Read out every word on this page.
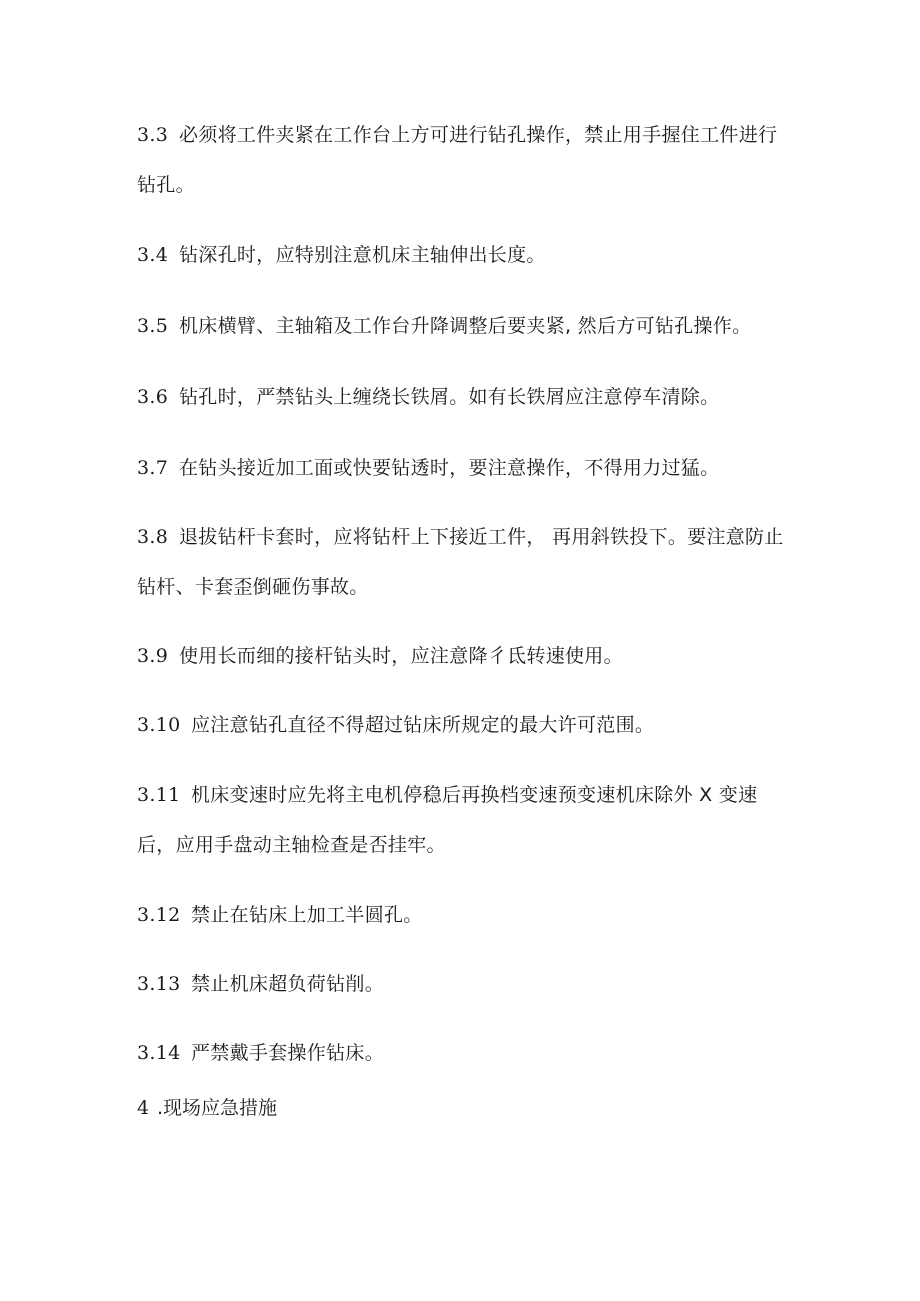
3.3 必须将工件夹紧在工作台上方可进行钻孔操作，禁止用手握住工件进行钻孔。

3.4 钻深孔时，应特别注意机床主轴伸出长度。

3.5 机床横臂、主轴箱及工作台升降调整后要夹紧, 然后方可钻孔操作。

3.6 钻孔时，严禁钻头上缠绕长铁屑。如有长铁屑应注意停车清除。

3.7 在钻头接近加工面或快要钻透时，要注意操作，不得用力过猛。

3.8 退拔钻杆卡套时，应将钻杆上下接近工件， 再用斜铁投下。要注意防止钻杆、卡套歪倒砸伤事故。

3.9 使用长而细的接杆钻头时，应注意降彳氐转速使用。

3.10 应注意钻孔直径不得超过钻床所规定的最大许可范围。

3.11 机床变速时应先将主电机停稳后再换档变速预变速机床除外 X 变速后，应用手盘动主轴检查是否挂牢。

3.12 禁止在钻床上加工半圆孔。

3.13 禁止机床超负荷钻削。

3.14 严禁戴手套操作钻床。

4 .现场应急措施
